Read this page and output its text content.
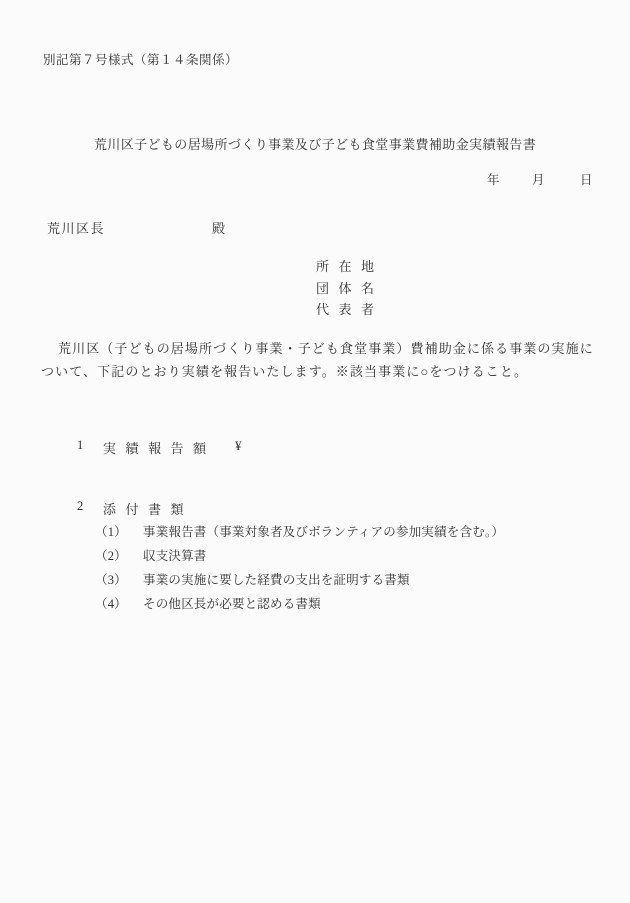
別記第７号様式（第１４条関係）
荒川区子どもの居場所づくり事業及び子ども食堂事業費補助金実績報告書
年	月	日
荒川区長	殿
所在地
団体名
代表者
荒川区（子どもの居場所づくり事業・子ども食堂事業）費補助金に係る事業の実施に
ついて、下記のとおり実績を報告いたします。※該当事業に○をつけること。
1 実績報告額 ¥
2 添付書類
（1） 事業報告書（事業対象者及びボランティアの参加実績を含む。）
（2） 収支決算書
（3） 事業の実施に要した経費の支出を証明する書類
（4） その他区長が必要と認める書類
